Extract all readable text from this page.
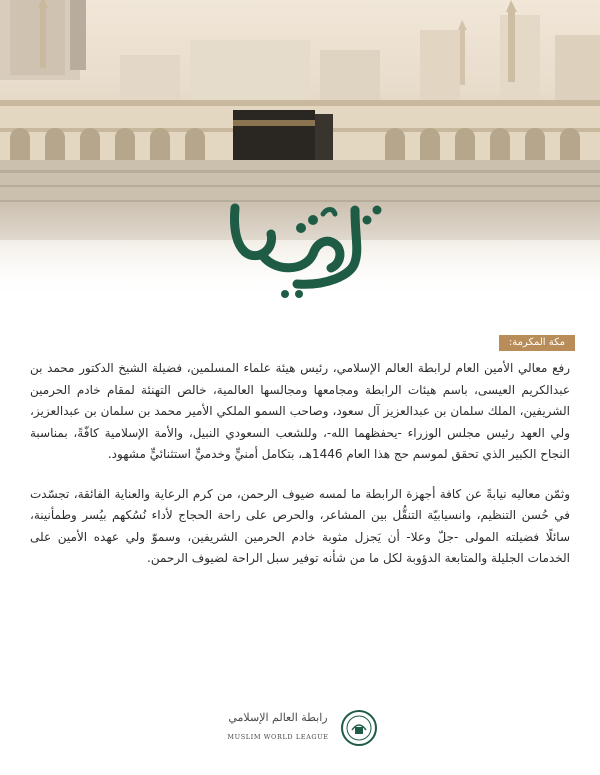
مكة المكرمة:

رفع معالي الأمين العام لرابطة العالم الإسلامي، رئيس هيئة علماء المسلمين، فضيلة الشيخ الدكتور محمد بن عبدالكريم العيسى، باسم هيئات الرابطة ومجامعها ومجالسها العالمية، خالص التهنئة لمقام خادم الحرمين الشريفين، الملك سلمان بن عبدالعزيز آل سعود، وصاحب السمو الملكي الأمير محمد بن سلمان بن عبدالعزيز، ولي العهد رئيس مجلس الوزراء -يحفظهما الله-، وللشعب السعودي النبيل، والأمة الإسلامية كافّةً، بمناسبة النجاح الكبير الذي تحقق لموسم حج هذا العام 1446هـ، بتكامل أمنيٍّ وخدميٍّ استثنائيٍّ مشهود.

وثمّن معاليه نيابةً عن كافة أجهزة الرابطة ما لمسه ضيوف الرحمن، من كرم الرعاية والعناية الفائقة، تجسّدت في حُسن التنظيم، وانسيابيّة التنقُّل بين المشاعر، والحرص على راحة الحجاج لأداء نُسُكهم بيُسر وطمأنينة، سائلًا فضيلته المولى -جلّ وعلا- أن يَجزل مثوبة خادم الحرمين الشريفين، وسموّ ولي عهده الأمين على الخدمات الجليلة والمتابعة الدؤوبة لكل ما من شأنه توفير سبل الراحة لضيوف الرحمن.

رابطة العالم الإسلامي
MUSLIM WORLD LEAGUE
